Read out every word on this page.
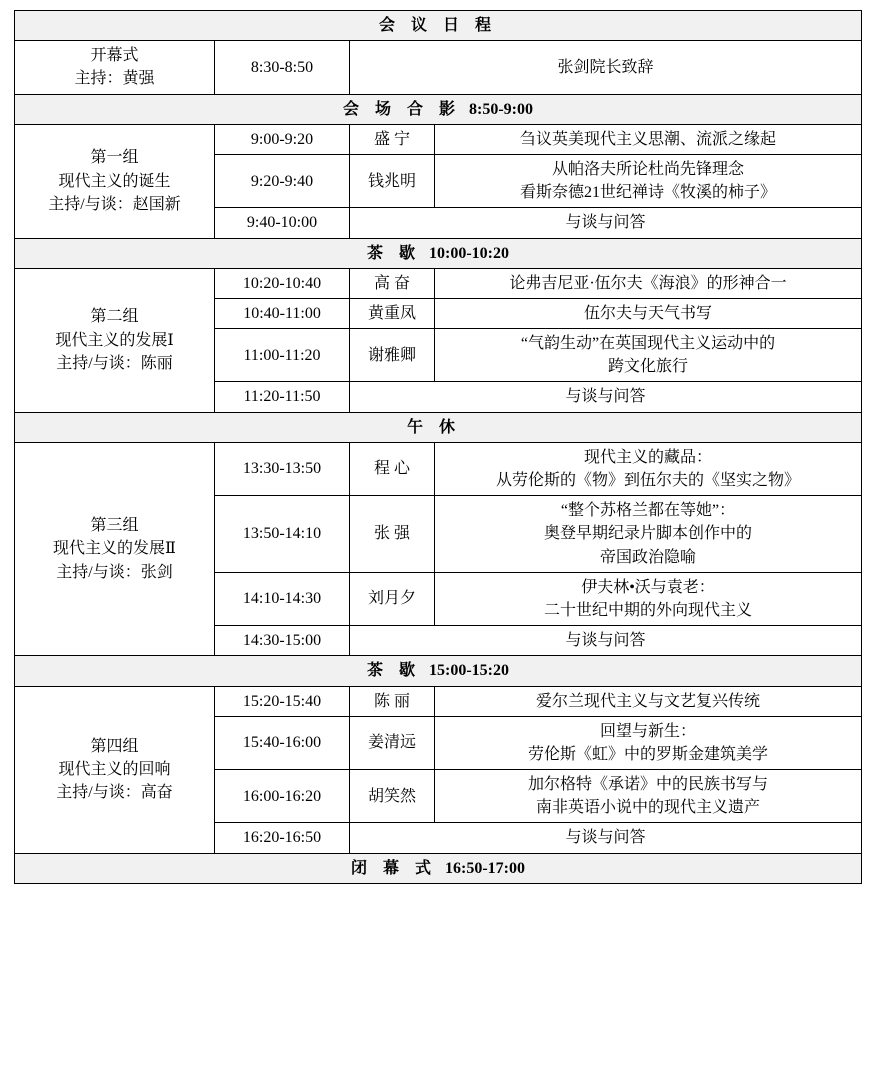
会 议 日 程			

开幕式
主持：黄强	8:30-8:50	张剑院长致辞	
会 场 合 影 8:50-9:00			

第一组
现代主义的诞生
主持/与谈：赵国新	9:00-9:20	盛 宁	刍议英美现代主义思潮、流派之缘起

	9:20-9:40	钱兆明	从帕洛夫所论杜尚先锋理念
看斯奈德21世纪禅诗《牧溪的柿子》

	9:40-10:00	与谈与问答	
茶 歇 10:00-10:20			

第二组
现代主义的发展Ⅰ
主持/与谈：陈丽	10:20-10:40	高 奋	论弗吉尼亚·伍尔夫《海浪》的形神合一

	10:40-11:00	黄重凤	伍尔夫与天气书写

	11:00-11:20	谢雅卿	“气韵生动”在英国现代主义运动中的
跨文化旅行

	11:20-11:50	与谈与问答	
午 休			

第三组
现代主义的发展Ⅱ
主持/与谈：张剑	13:30-13:50	程 心	现代主义的藏品：
从劳伦斯的《物》到伍尔夫的《坚实之物》

	13:50-14:10	张 强	“整个苏格兰都在等她”：
奥登早期纪录片脚本创作中的
帝国政治隐喻

	14:10-14:30	刘月夕	伊夫林•沃与袁老：
二十世纪中期的外向现代主义

	14:30-15:00	与谈与问答	
茶 歇 15:00-15:20			

第四组
现代主义的回响
主持/与谈：高奋	15:20-15:40	陈 丽	爱尔兰现代主义与文艺复兴传统

	15:40-16:00	姜清远	回望与新生：
劳伦斯《虹》中的罗斯金建筑美学

	16:00-16:20	胡笑然	加尔格特《承诺》中的民族书写与
南非英语小说中的现代主义遗产

	16:20-16:50	与谈与问答	
闭 幕 式 16:50-17:00			
